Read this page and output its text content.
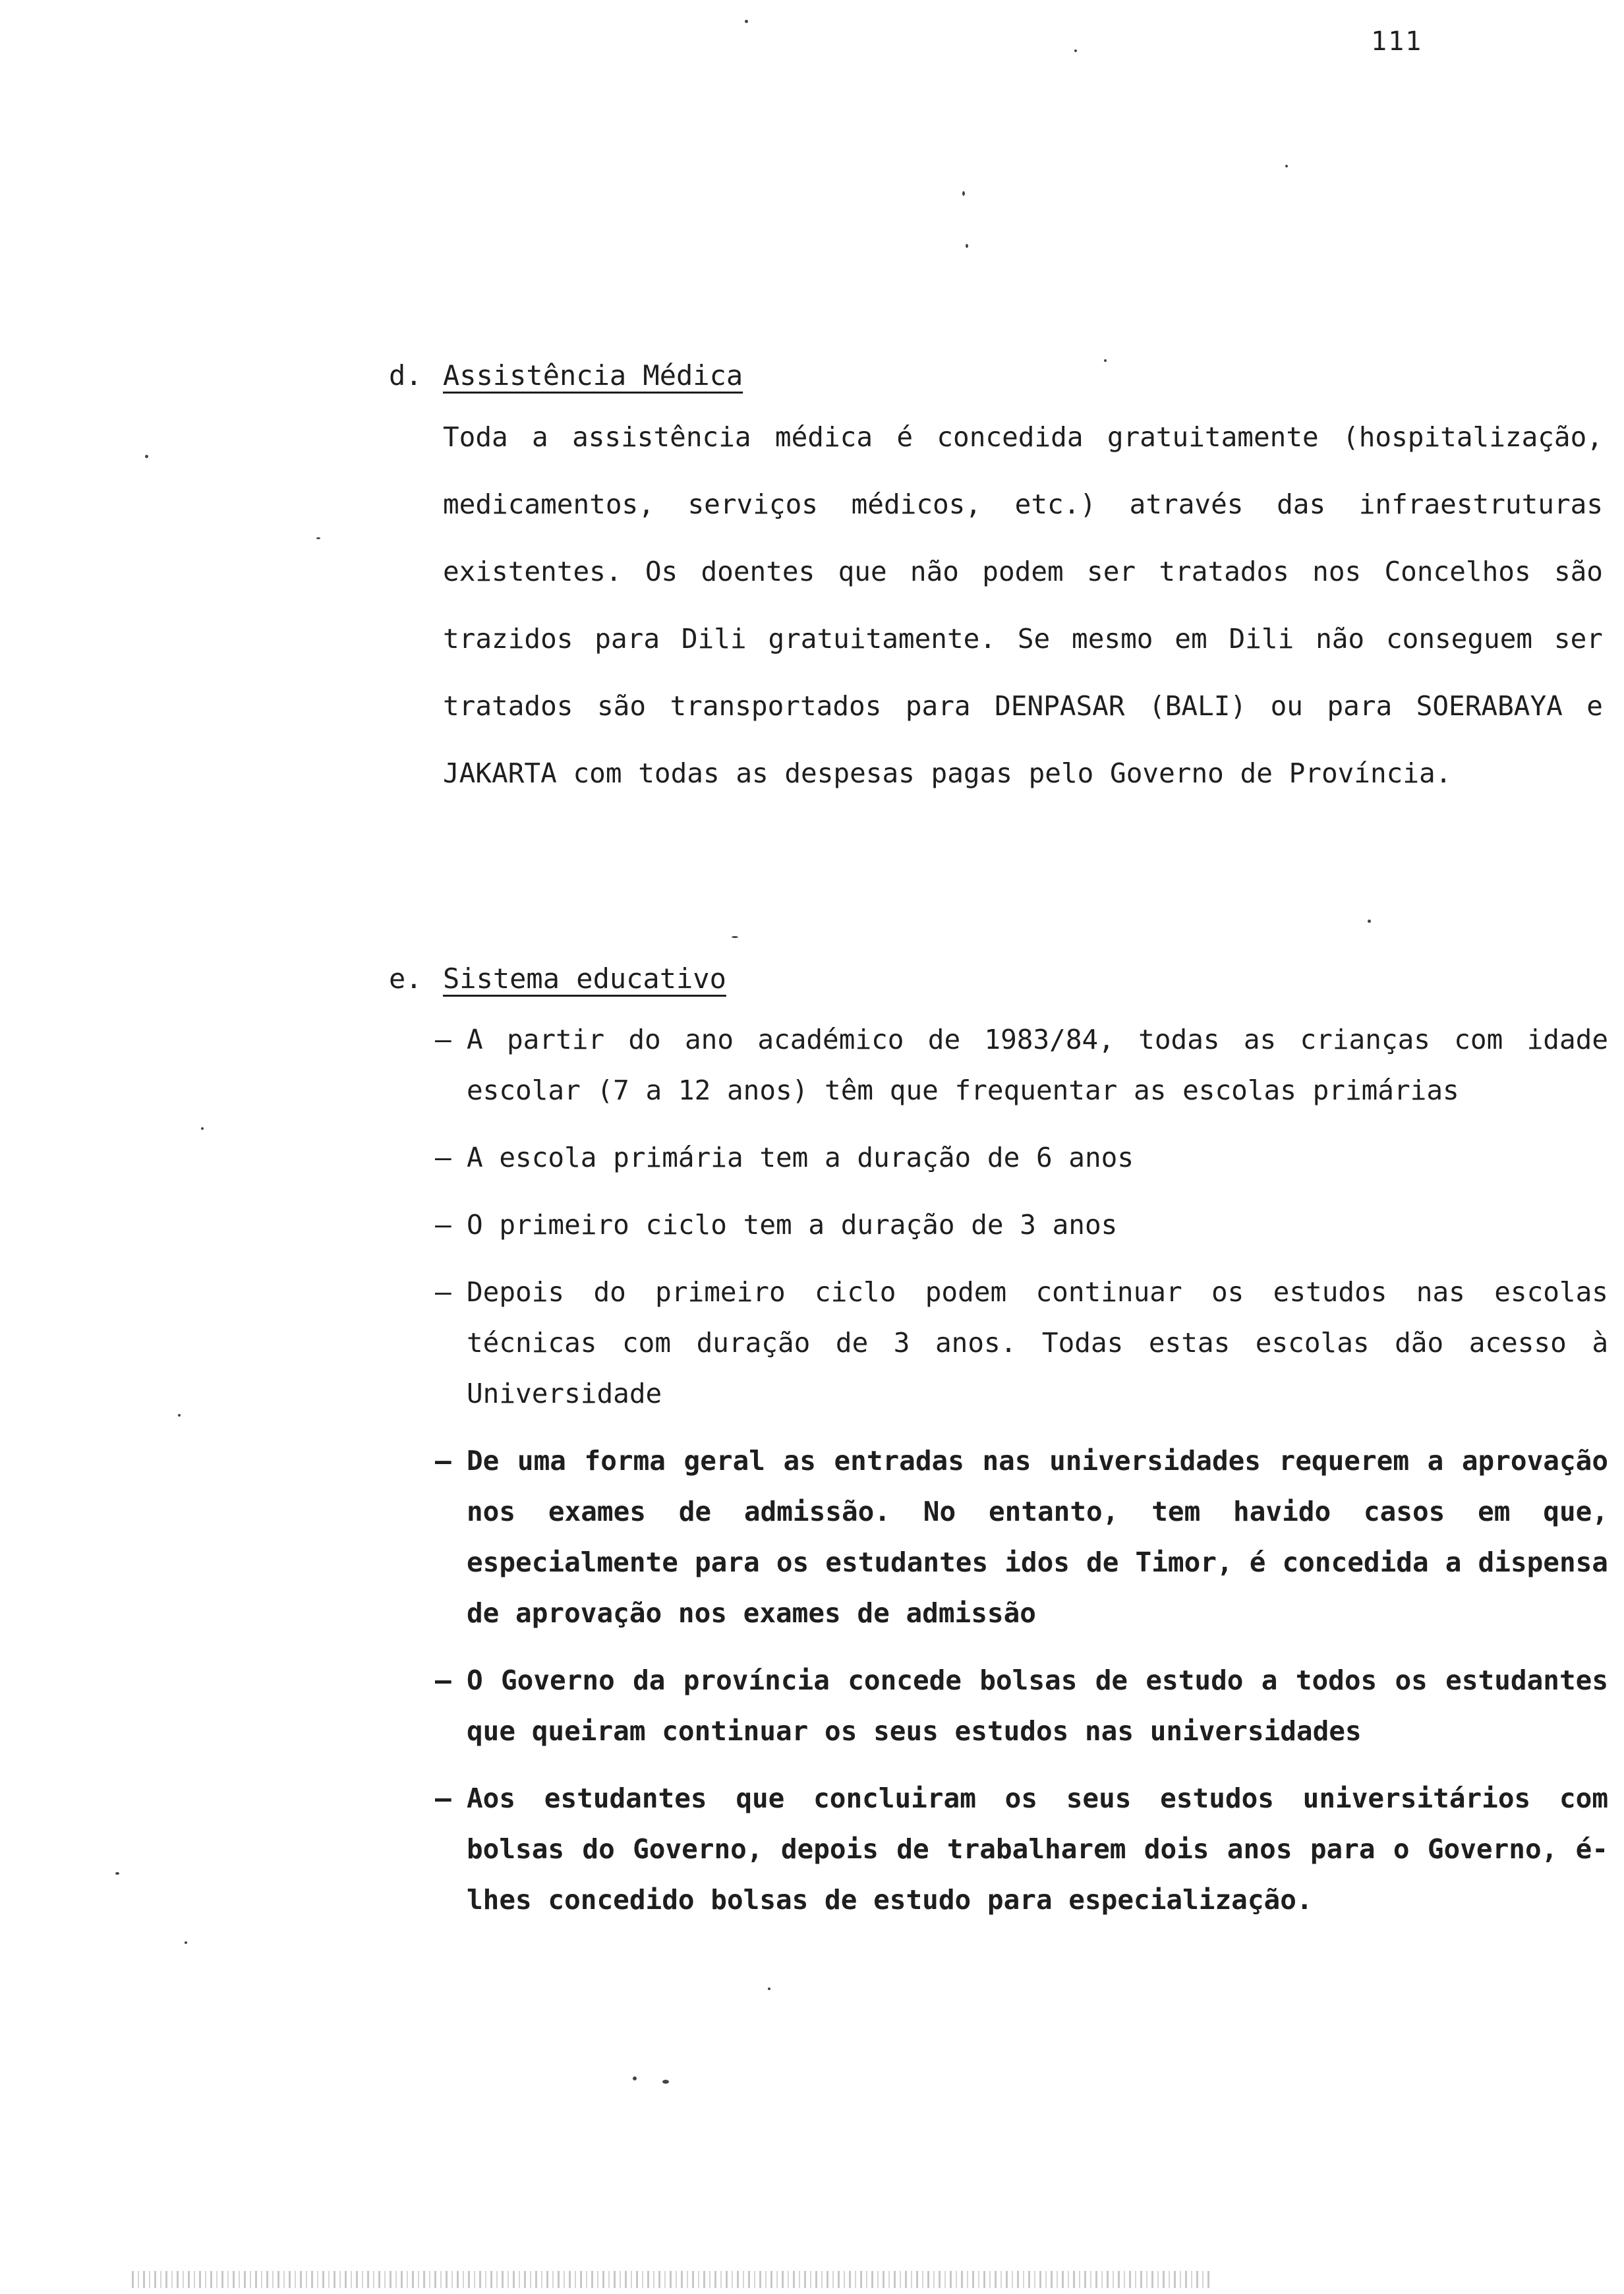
111
d. Assistência Médica
Toda a assistência médica é concedida gratuitamente (hospitalização, medicamentos, serviços médicos, etc.) através das infraestruturas existentes. Os doentes que não podem ser tratados nos Concelhos são trazidos para Dili gratuitamente. Se mesmo em Dili não conseguem ser tratados são transportados para DENPASAR (BALI) ou para SOERABAYA e JAKARTA com todas as despesas pagas pelo Governo de Província.
e. Sistema educativo
– A partir do ano académico de 1983/84, todas as crianças com idade escolar (7 a 12 anos) têm que frequentar as escolas primárias
– A escola primária tem a duração de 6 anos
– O primeiro ciclo tem a duração de 3 anos
– Depois do primeiro ciclo podem continuar os estudos nas escolas técnicas com duração de 3 anos. Todas estas escolas dão acesso à Universidade
– De uma forma geral as entradas nas universidades requerem a aprovação nos exames de admissão. No entanto, tem havido casos em que, especialmente para os estudantes idos de Timor, é concedida a dispensa de aprovação nos exames de admissão
– O Governo da província concede bolsas de estudo a todos os estudantes que queiram continuar os seus estudos nas universidades
– Aos estudantes que concluiram os seus estudos universitários com bolsas do Governo, depois de trabalharem dois anos para o Governo, é-lhes concedido bolsas de estudo para especialização.
